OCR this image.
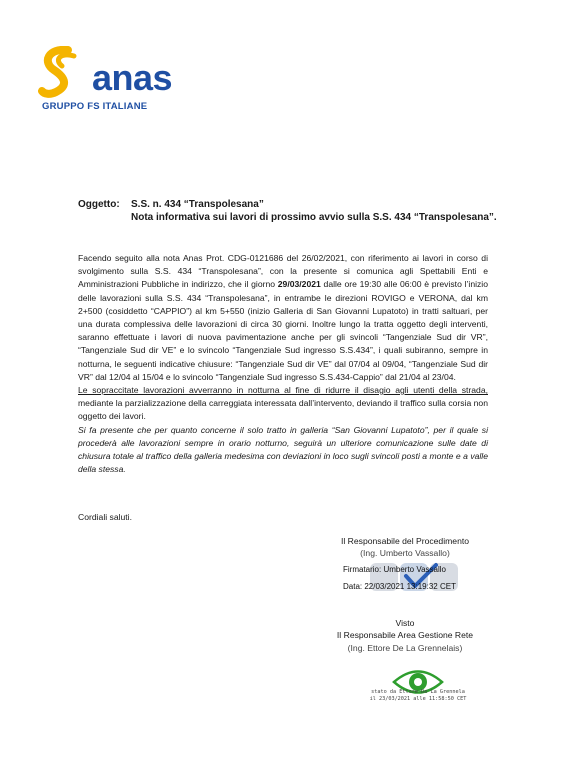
anas
GRUPPO FS ITALIANE
Oggetto: S.S. n. 434 “Transpolesana”
Nota informativa sui lavori di prossimo avvio sulla S.S. 434 “Transpolesana”.

Facendo seguito alla nota Anas Prot. CDG-0121686 del 26/02/2021, con riferimento ai lavori in corso di svolgimento sulla S.S. 434 “Transpolesana”, con la presente si comunica agli Spettabili Enti e Amministrazioni Pubbliche in indirizzo, che il giorno 29/03/2021 dalle ore 19:30 alle 06:00 è previsto l’inizio delle lavorazioni sulla S.S. 434 “Transpolesana”, in entrambe le direzioni ROVIGO e VERONA, dal km 2+500 (cosiddetto “CAPPIO”) al km 5+550 (inizio Galleria di San Giovanni Lupatoto) in tratti saltuari, per una durata complessiva delle lavorazioni di circa 30 giorni. Inoltre lungo la tratta oggetto degli interventi, saranno effettuate i lavori di nuova pavimentazione anche per gli svincoli “Tangenziale Sud dir VR”, “Tangenziale Sud dir VE” e lo svincolo “Tangenziale Sud ingresso S.S.434”, i quali subiranno, sempre in notturna, le seguenti indicative chiusure: “Tangenziale Sud dir VE” dal 07/04 al 09/04, “Tangenziale Sud dir VR” dal 12/04 al 15/04 e lo svincolo “Tangenziale Sud ingresso S.S.434-Cappio” dal 21/04 al 23/04.

Le sopraccitate lavorazioni avverranno in notturna al fine di ridurre il disagio agli utenti della strada, mediante la parzializzazione della carreggiata interessata dall’intervento, deviando il traffico sulla corsia non oggetto dei lavori.

Si fa presente che per quanto concerne il solo tratto in galleria “San Giovanni Lupatoto”, per il quale si procederà alle lavorazioni sempre in orario notturno, seguirà un ulteriore comunicazione sulle date di chiusura totale al traffico della galleria medesima con deviazioni in loco sugli svincoli posti a monte e a valle della stessa.

Cordiali saluti.
Il Responsabile del Procedimento
(Ing. Umberto Vassallo)
Firmatario: Umberto Vassallo
Data: 22/03/2021 13:19:32 CET
Visto
Il Responsabile Area Gestione Rete
(Ing. Ettore De La Grennelais)
stato da Ettore De La Grennela
il 23/03/2021 alle 11:58:50 CET
